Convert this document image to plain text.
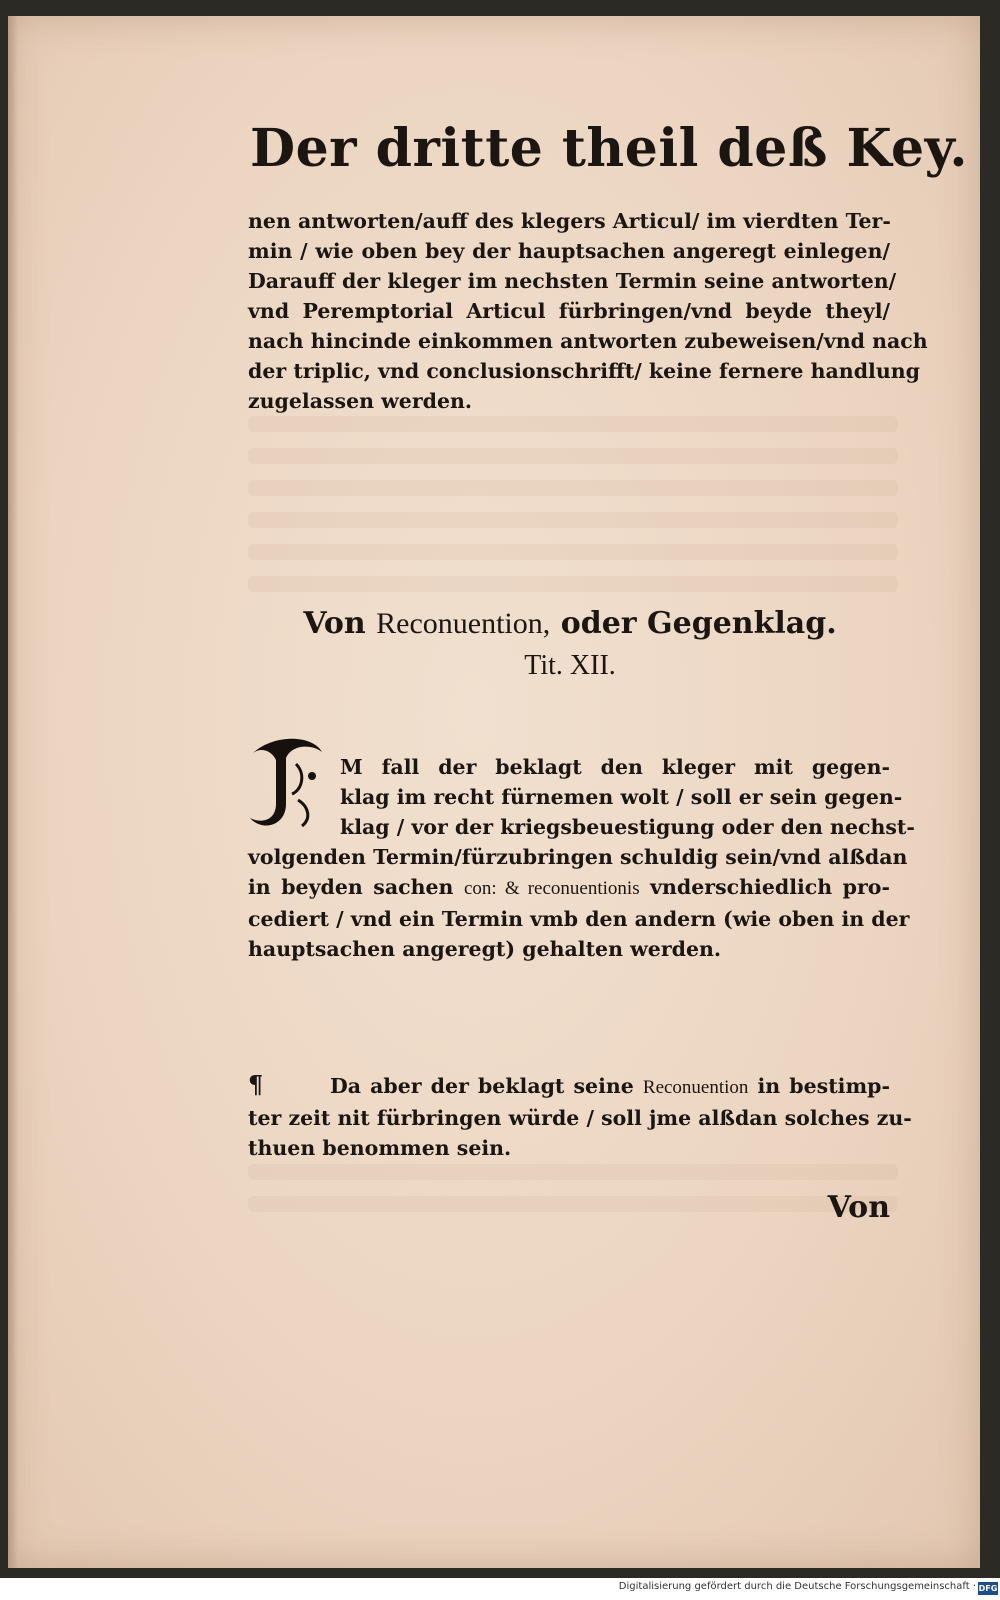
Der dritte theil deß Key.
nen antworten/auff des klegers Articul/ im vierdten Ter-
min / wie oben bey der hauptsachen angeregt einlegen/
Darauff der kleger im nechsten Termin seine antworten/
vnd Peremptorial Articul fürbringen/vnd beyde theyl/
nach hincinde einkommen antworten zubeweisen/vnd nach
der triplic, vnd conclusionschrifft/ keine fernere handlung
zugelassen werden.
Von Reconuention, oder Gegenklag.
Tit. XII.
M fall der beklagt den kleger mit gegen-
klag im recht fürnemen wolt / soll er sein gegen-
klag / vor der kriegsbeuestigung oder den nechst-
volgenden Termin/fürzubringen schuldig sein/vnd alßdan
in beyden sachen con: & reconuentionis vnderschiedlich pro-
cediert / vnd ein Termin vmb den andern (wie oben in der
hauptsachen angeregt) gehalten werden.
¶	Da aber der beklagt seine Reconuention in bestimp-
ter zeit nit fürbringen würde / soll jme alßdan solches zu-
thuen benommen sein.
Von
Digitalisierung gefördert durch die Deutsche Forschungsgemeinschaft · DFG
